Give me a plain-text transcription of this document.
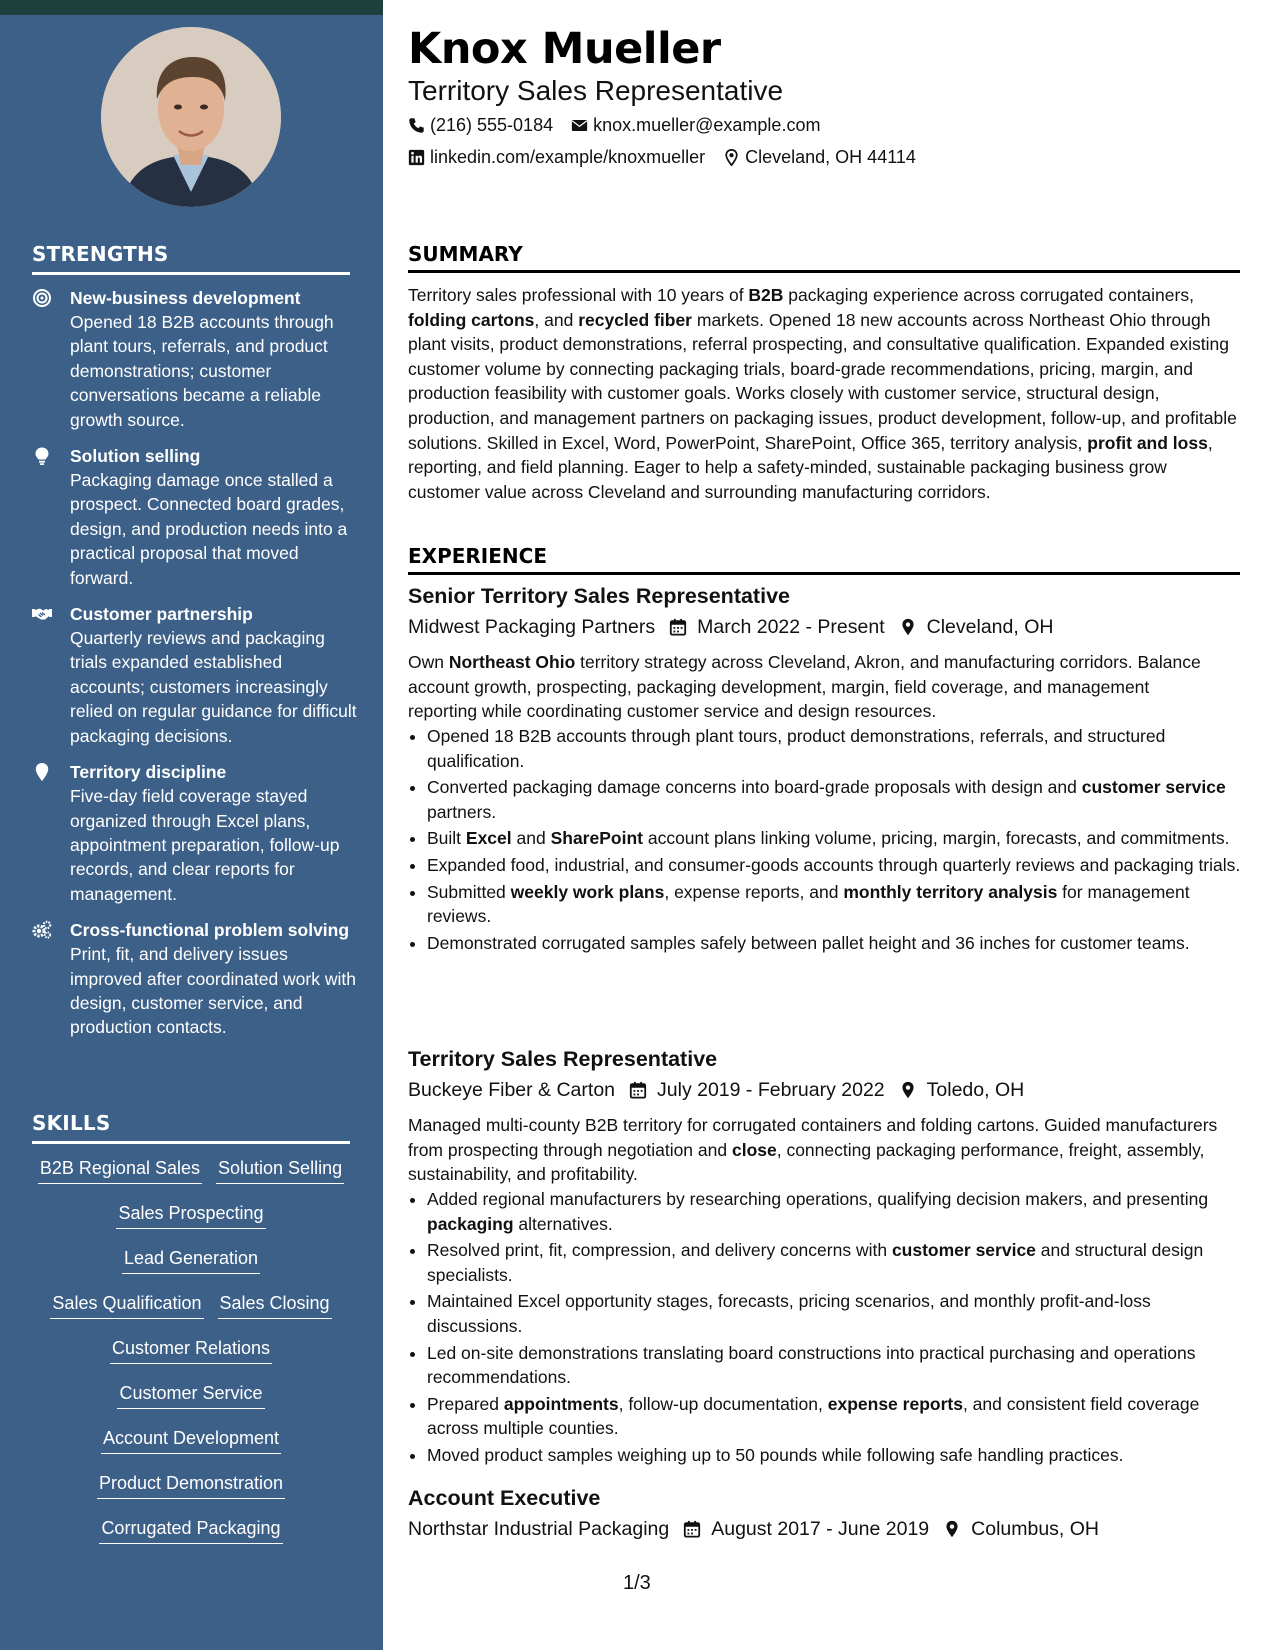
STRENGTHS
New-business development
Opened 18 B2B accounts through plant tours, referrals, and product demonstrations; customer conversations became a reliable growth source.
Solution selling
Packaging damage once stalled a prospect. Connected board grades, design, and production needs into a practical proposal that moved forward.
Customer partnership
Quarterly reviews and packaging trials expanded established accounts; customers increasingly relied on regular guidance for difficult packaging decisions.
Territory discipline
Five-day field coverage stayed organized through Excel plans, appointment preparation, follow-up records, and clear reports for management.
Cross-functional problem solving
Print, fit, and delivery issues improved after coordinated work with design, customer service, and production contacts.
SKILLS
B2B Regional Sales Solution Selling
Sales Prospecting
Lead Generation
Sales Qualification Sales Closing
Customer Relations
Customer Service
Account Development
Product Demonstration
Corrugated Packaging
Knox Mueller
Territory Sales Representative
(216) 555-0184 knox.mueller@example.com
linkedin.com/example/knoxmueller Cleveland, OH 44114
SUMMARY

Territory sales professional with 10 years of B2B packaging experience across corrugated containers, folding cartons, and recycled fiber markets. Opened 18 new accounts across Northeast Ohio through plant visits, product demonstrations, referral prospecting, and consultative qualification. Expanded existing customer volume by connecting packaging trials, board-grade recommendations, pricing, margin, and production feasibility with customer goals. Works closely with customer service, structural design, production, and management partners on packaging issues, product development, follow-up, and profitable solutions. Skilled in Excel, Word, PowerPoint, SharePoint, Office 365, territory analysis, profit and loss, reporting, and field planning. Eager to help a safety-minded, sustainable packaging business grow customer value across Cleveland and surrounding manufacturing corridors.

EXPERIENCE
Senior Territory Sales Representative
Midwest Packaging Partners March 2022 - Present Cleveland, OH

Own Northeast Ohio territory strategy across Cleveland, Akron, and manufacturing corridors. Balance account growth, prospecting, packaging development, margin, field coverage, and management reporting while coordinating customer service and design resources.

• Opened 18 B2B accounts through plant tours, product demonstrations, referrals, and structured qualification.
• Converted packaging damage concerns into board-grade proposals with design and customer service partners.
• Built Excel and SharePoint account plans linking volume, pricing, margin, forecasts, and commitments.
• Expanded food, industrial, and consumer-goods accounts through quarterly reviews and packaging trials.
• Submitted weekly work plans, expense reports, and monthly territory analysis for management reviews.
• Demonstrated corrugated samples safely between pallet height and 36 inches for customer teams.
Territory Sales Representative
Buckeye Fiber & Carton July 2019 - February 2022 Toledo, OH

Managed multi-county B2B territory for corrugated containers and folding cartons. Guided manufacturers from prospecting through negotiation and close, connecting packaging performance, freight, assembly, sustainability, and profitability.

• Added regional manufacturers by researching operations, qualifying decision makers, and presenting packaging alternatives.
• Resolved print, fit, compression, and delivery concerns with customer service and structural design specialists.
• Maintained Excel opportunity stages, forecasts, pricing scenarios, and monthly profit-and-loss discussions.
• Led on-site demonstrations translating board constructions into practical purchasing and operations recommendations.
• Prepared appointments, follow-up documentation, expense reports, and consistent field coverage across multiple counties.
• Moved product samples weighing up to 50 pounds while following safe handling practices.
Account Executive
Northstar Industrial Packaging August 2017 - June 2019 Columbus, OH
1/3
